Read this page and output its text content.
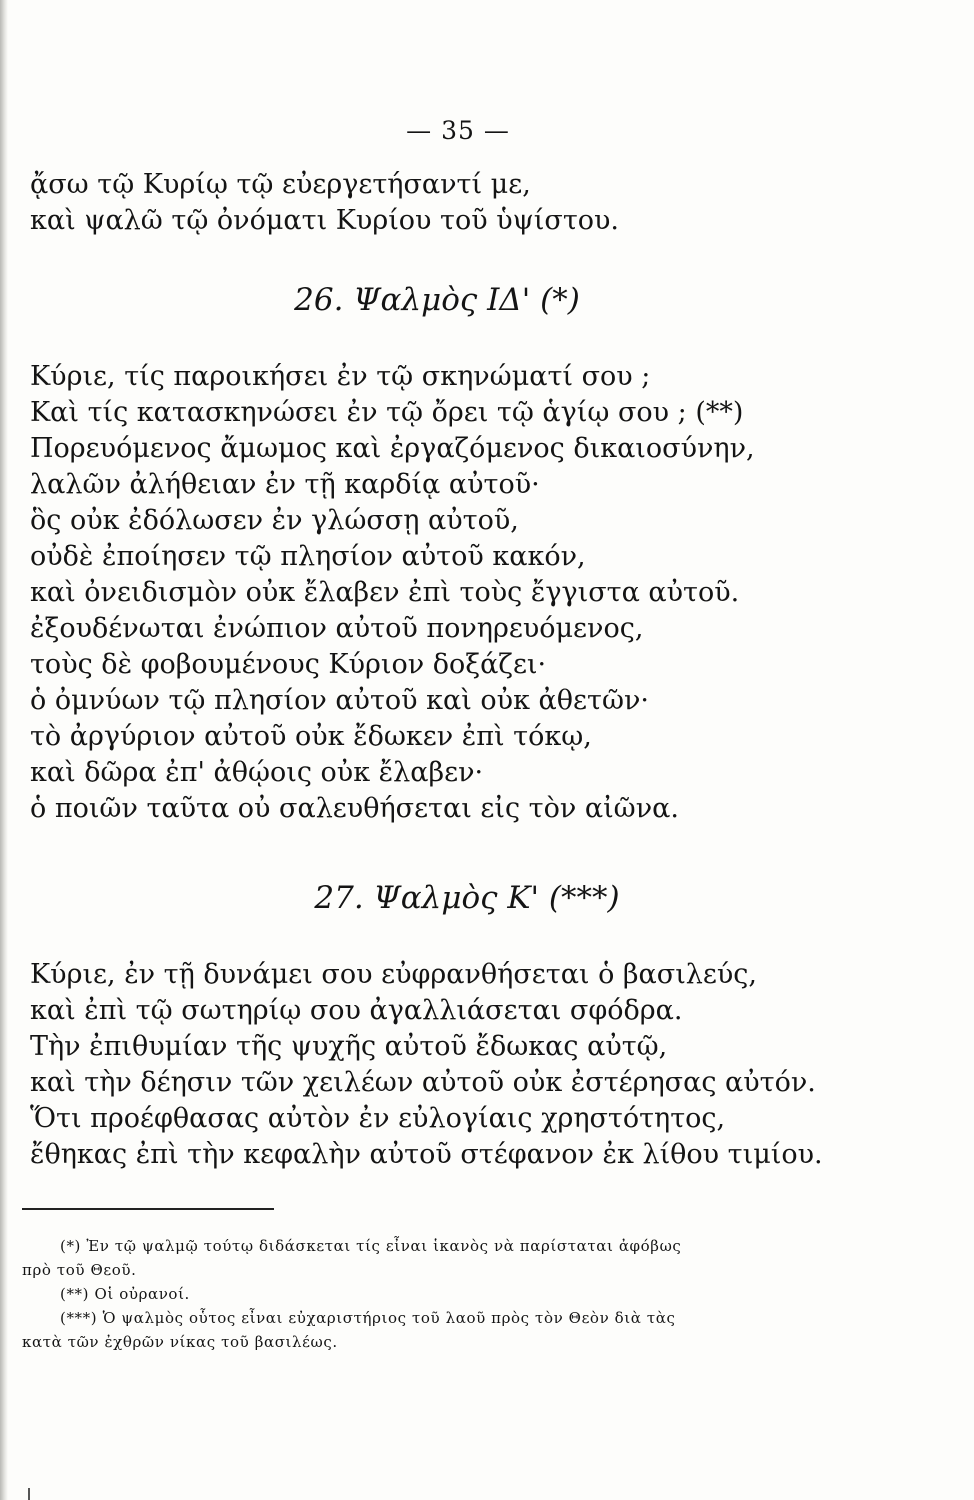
— 35 —
ᾄσω τῷ Κυρίῳ τῷ εὐεργετήσαντί με,
καὶ ψαλῶ τῷ ὀνόματι Κυρίου τοῦ ὑψίστου.
26. Ψαλμὸς ΙΔ' (*)
Κύριε, τίς παροικήσει ἐν τῷ σκηνώματί σου ;
Καὶ τίς κατασκηνώσει ἐν τῷ ὄρει τῷ ἁγίῳ σου ; (**)
Πορευόμενος ἄμωμος καὶ ἐργαζόμενος δικαιοσύνην,
λαλῶν ἀλήθειαν ἐν τῇ καρδίᾳ αὐτοῦ·
ὃς οὐκ ἐδόλωσεν ἐν γλώσσῃ αὐτοῦ,
οὐδὲ ἐποίησεν τῷ πλησίον αὐτοῦ κακόν,
καὶ ὀνειδισμὸν οὐκ ἔλαβεν ἐπὶ τοὺς ἔγγιστα αὐτοῦ.
ἐξουδένωται ἐνώπιον αὐτοῦ πονηρευόμενος,
τοὺς δὲ φοβουμένους Κύριον δοξάζει·
ὁ ὀμνύων τῷ πλησίον αὐτοῦ καὶ οὐκ ἀθετῶν·
τὸ ἀργύριον αὐτοῦ οὐκ ἔδωκεν ἐπὶ τόκῳ,
καὶ δῶρα ἐπ' ἀθῴοις οὐκ ἔλαβεν·
ὁ ποιῶν ταῦτα οὐ σαλευθήσεται εἰς τὸν αἰῶνα.
27. Ψαλμὸς Κ' (***)
Κύριε, ἐν τῇ δυνάμει σου εὐφρανθήσεται ὁ βασιλεύς,
καὶ ἐπὶ τῷ σωτηρίῳ σου ἀγαλλιάσεται σφόδρα.
Τὴν ἐπιθυμίαν τῆς ψυχῆς αὐτοῦ ἔδωκας αὐτῷ,
καὶ τὴν δέησιν τῶν χειλέων αὐτοῦ οὐκ ἐστέρησας αὐτόν.
Ὅτι προέφθασας αὐτὸν ἐν εὐλογίαις χρηστότητος,
ἔθηκας ἐπὶ τὴν κεφαλὴν αὐτοῦ στέφανον ἐκ λίθου τιμίου.

(*) Ἐν τῷ ψαλμῷ τούτῳ διδάσκεται τίς εἶναι ἱκανὸς νὰ παρίσταται ἀφόβως

πρὸ τοῦ Θεοῦ.

(**) Οἱ οὐρανοί.

(***) Ὁ ψαλμὸς οὗτος εἶναι εὐχαριστήριος τοῦ λαοῦ πρὸς τὸν Θεὸν διὰ τὰς

κατὰ τῶν ἐχθρῶν νίκας τοῦ βασιλέως.
